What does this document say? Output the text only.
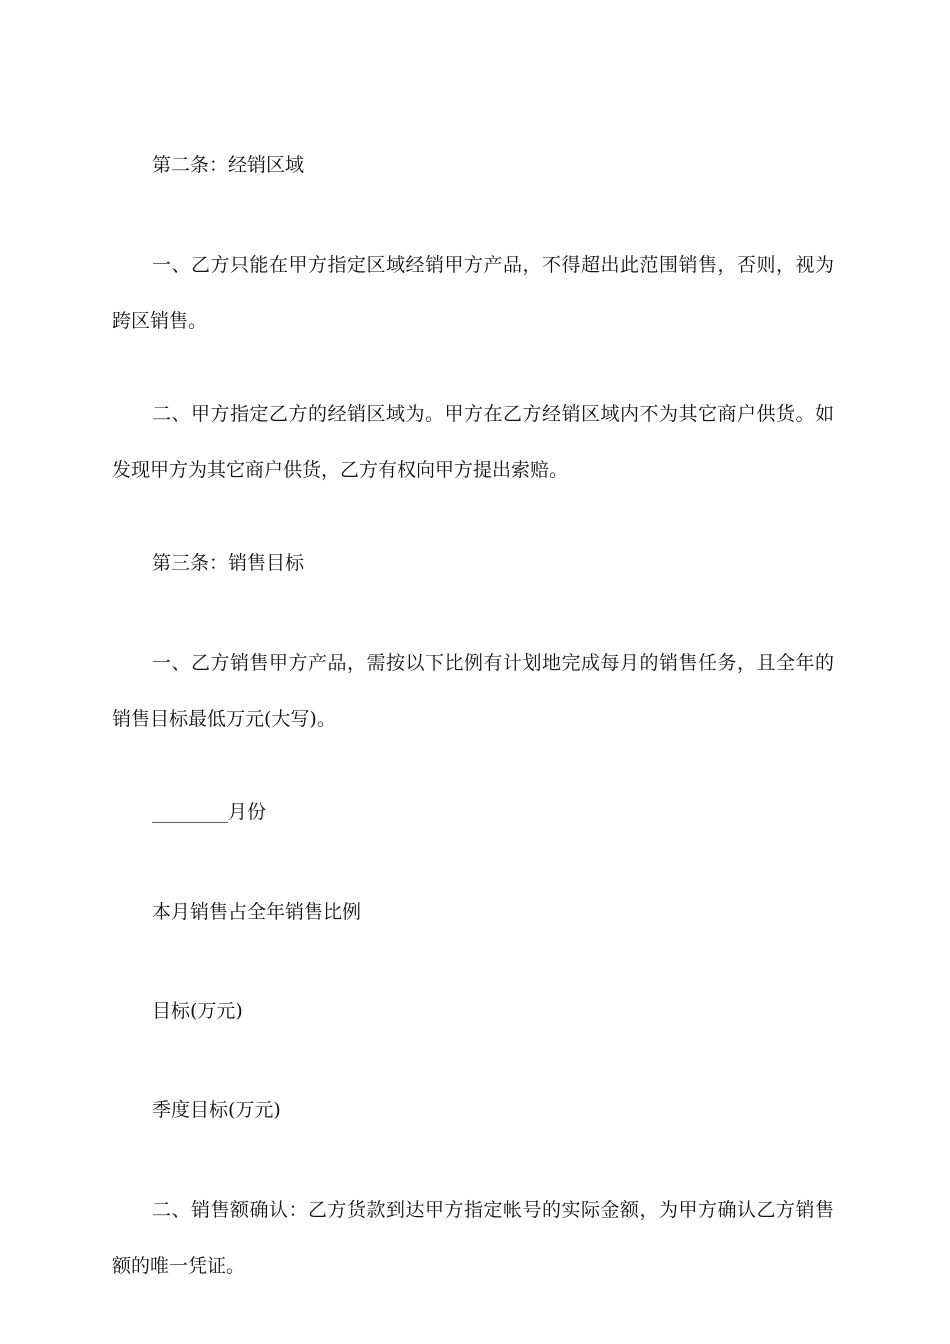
第二条：经销区域

一、乙方只能在甲方指定区域经销甲方产品，不得超出此范围销售，否则，视为跨区销售。

二、甲方指定乙方的经销区域为。甲方在乙方经销区域内不为其它商户供货。如发现甲方为其它商户供货，乙方有权向甲方提出索赔。

第三条：销售目标

一、乙方销售甲方产品，需按以下比例有计划地完成每月的销售任务，且全年的销售目标最低万元(大写)。

________月份

本月销售占全年销售比例

目标(万元)

季度目标(万元)

二、销售额确认：乙方货款到达甲方指定帐号的实际金额，为甲方确认乙方销售额的唯一凭证。
